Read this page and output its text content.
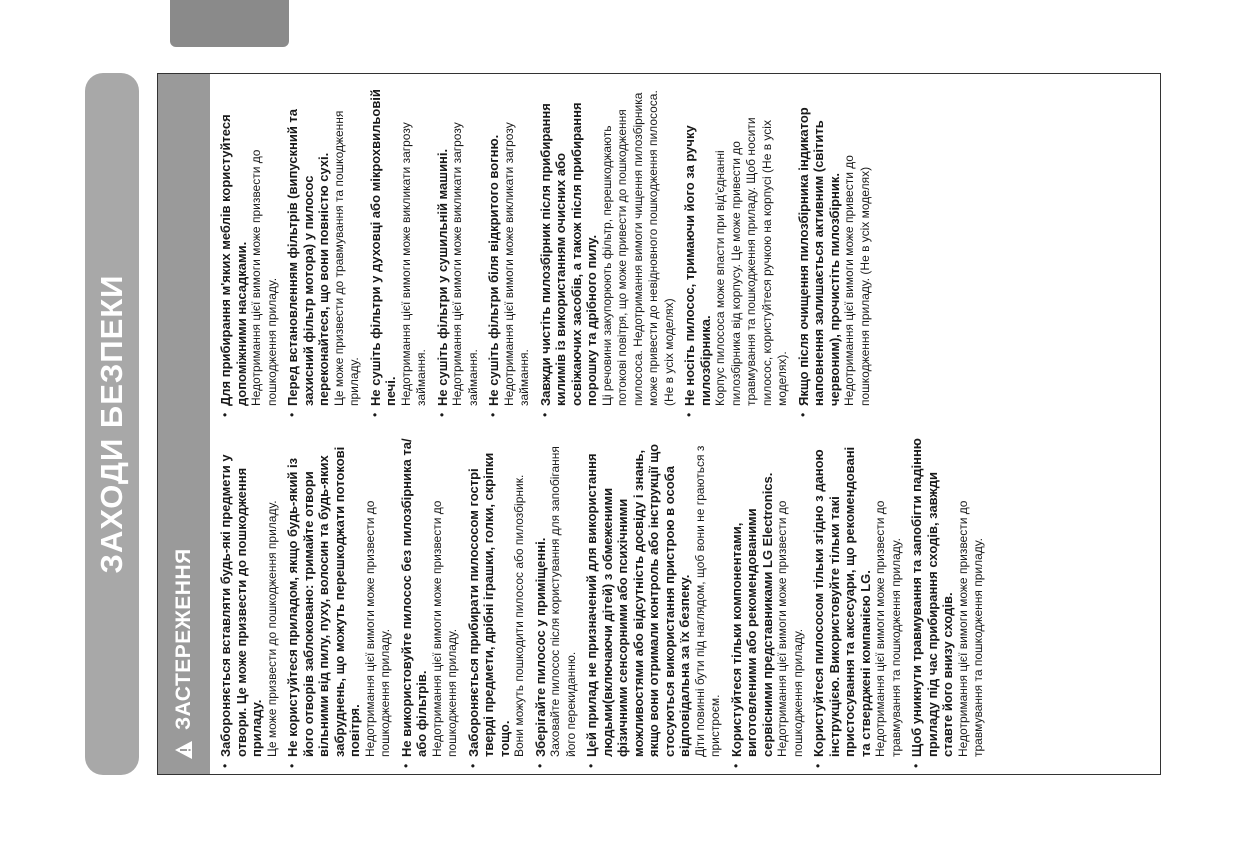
ЗАХОДИ БЕЗПЕКИ
ЗАСТЕРЕЖЕННЯ • Забороняється вставляти будь-які предмети у отвори. Це може призвести до пошкодження приладу. Це може призвести до пошкодження приладу. • Не користуйтеся приладом, якщо будь-який із його отворів заблоковано: тримайте отвори вільними від пилу, пуху, волосин та будь-яких забруднень, що можуть перешкоджати потокові повітря. Недотримання цієї вимоги може призвести до пошкодження приладу. • Не використовуйте пилосос без пилозбірника та/або фільтрів. Недотримання цієї вимоги може призвести до пошкодження приладу. • Забороняється прибирати пилососом гострі тверді предмети, дрібні іграшки, голки, скріпки тощо. Вони можуть пошкодити пилосос або пилозбірник. • Зберігайте пилосос у приміщенні. Заховайте пилосос після користування для запобігання його перекиданню. • Цей прилад не призначений для використання людьми(включаючи дітей) з обмеженими фізичними сенсорними або психічними можливостями або відсутність досвіду і знань, якщо вони отримали контроль або інструкції що стосуються використання пристрою в особа відповідальна за їх безпеку. Діти повинні бути під наглядом, щоб вони не граються з пристроєм. • Користуйтеся тільки компонентами, виготовленими або рекомендованими сервісними представниками LG Electronics. Недотримання цієї вимоги може призвести до пошкодження приладу. • Користуйтеся пилососом тільки згідно з даною інструкцією. Використовуйте тільки такі пристосування та аксесуари, що рекомендовані та стверджені компанією LG. Недотримання цієї вимоги може призвести до травмування та пошкодження приладу. • Щоб уникнути травмування та запобігти падінню приладу під час прибирання сходів, завжди ставте його внизу сходів. Недотримання цієї вимоги може призвести до травмування та пошкодження приладу.
• Для прибирання м'яких меблів користуйтеся допоміжними насадками. Недотримання цієї вимоги може призвести до пошкодження приладу. • Перед встановленням фільтрів (випускний та захисний фільтр мотора) у пилосос переконайтеся, що вони повністю сухі. Це може призвести до травмування та пошкодження приладу. • Не сушіть фільтри у духовці або мікрохвильовій печі. Недотримання цієї вимоги може викликати загрозу займання. • Не сушіть фільтри у сушильній машині. Недотримання цієї вимоги може викликати загрозу займання. • Не сушіть фільтри біля відкритого вогню. Недотримання цієї вимоги може викликати загрозу займання. • Завжди чистіть пилозбірник після прибирання килимів із використанням очисних або освіжаючих засобів, а також після прибирання порошку та дрібного пилу. Ці речовини закупорюють фільтр, перешкоджають потокові повітря, що може привести до пошкодження пилососа. Недотримання вимоги чищення пилозбірника може привести до невідновного пошкодження пилососа.(Не в усіх моделях) • Не носіть пилосос, тримаючи його за ручку пилозбірника. Корпус пилососа може впасти при від'єднанні пилозбірника від корпусу. Це може привести до травмування та пошкодження приладу. Щоб носити пилосос, користуйтеся ручкою на корпусі (Не в усіх моделях). • Якщо після очищення пилозбірника індикатор наповнення залишається активним (світить червоним), прочистіть пилозбірник. Недотримання цієї вимоги може привести до пошкодження приладу. (Не в усіх моделях)
